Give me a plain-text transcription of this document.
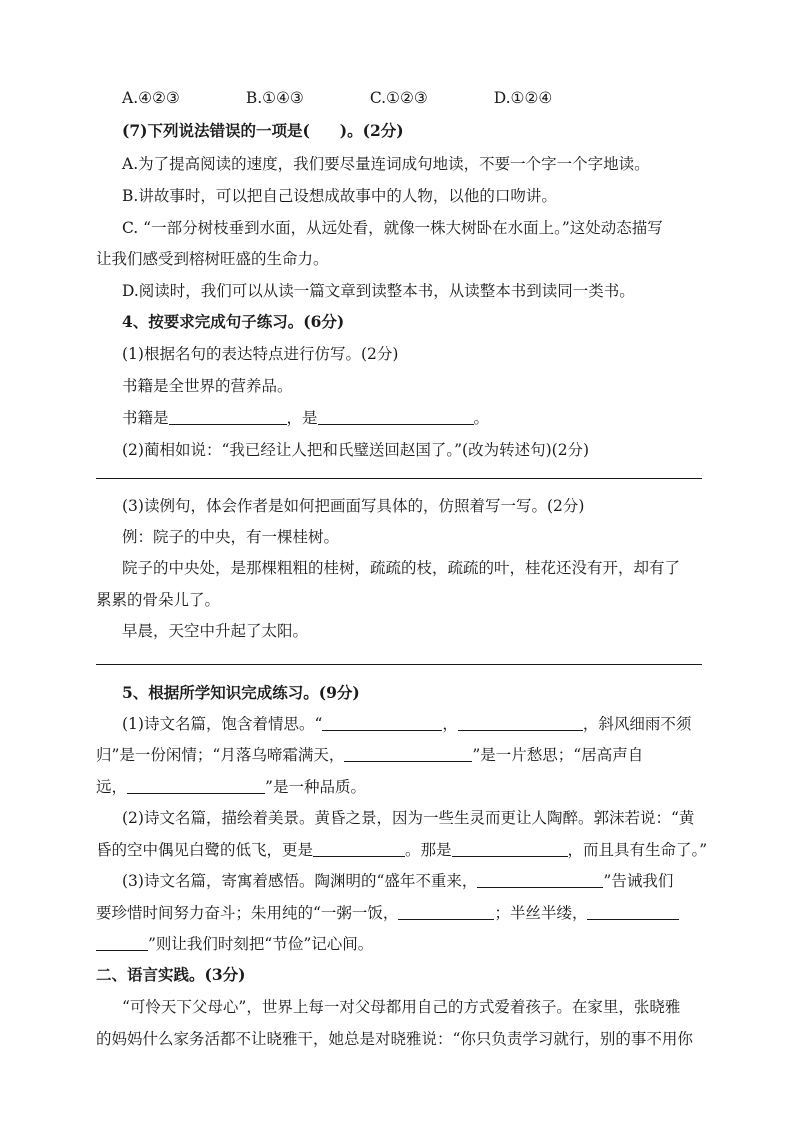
A.④②③	B.①④③	C.①②③	D.①②④
(7)下列说法错误的一项是( )。(2分)
A.为了提高阅读的速度，我们要尽量连词成句地读，不要一个字一个字地读。
B.讲故事时，可以把自己设想成故事中的人物，以他的口吻讲。
C. “一部分树枝垂到水面，从远处看，就像一株大树卧在水面上。”这处动态描写
让我们感受到榕树旺盛的生命力。
D.阅读时，我们可以从读一篇文章到读整本书，从读整本书到读同一类书。
4、按要求完成句子练习。(6分)
(1)根据名句的表达特点进行仿写。(2分)
书籍是全世界的营养品。
书籍是	，是	。
(2)蔺相如说：“我已经让人把和氏璧送回赵国了。”(改为转述句)(2分)
(3)读例句，体会作者是如何把画面写具体的，仿照着写一写。(2分)
例：院子的中央，有一棵桂树。
院子的中央处，是那棵粗粗的桂树，疏疏的枝，疏疏的叶，桂花还没有开，却有了
累累的骨朵儿了。
早晨，天空中升起了太阳。
5、根据所学知识完成练习。(9分)
(1)诗文名篇，饱含着情思。“	，	，斜风细雨不须
归”是一份闲情；“月落乌啼霜满天，	”是一片愁思；“居高声自
远，	”是一种品质。
(2)诗文名篇，描绘着美景。黄昏之景，因为一些生灵而更让人陶醉。郭沫若说：“黄
昏的空中偶见白鹭的低飞，更是	。那是	，而且具有生命了。”
(3)诗文名篇，寄寓着感悟。陶渊明的“盛年不重来，	”告诫我们
要珍惜时间努力奋斗；朱用纯的“一粥一饭，	；半丝半缕，
”则让我们时刻把“节俭”记心间。
二、语言实践。(3分)
“可怜天下父母心”，世界上每一对父母都用自己的方式爱着孩子。在家里，张晓雅
的妈妈什么家务活都不让晓雅干，她总是对晓雅说：“你只负责学习就行，别的事不用你
